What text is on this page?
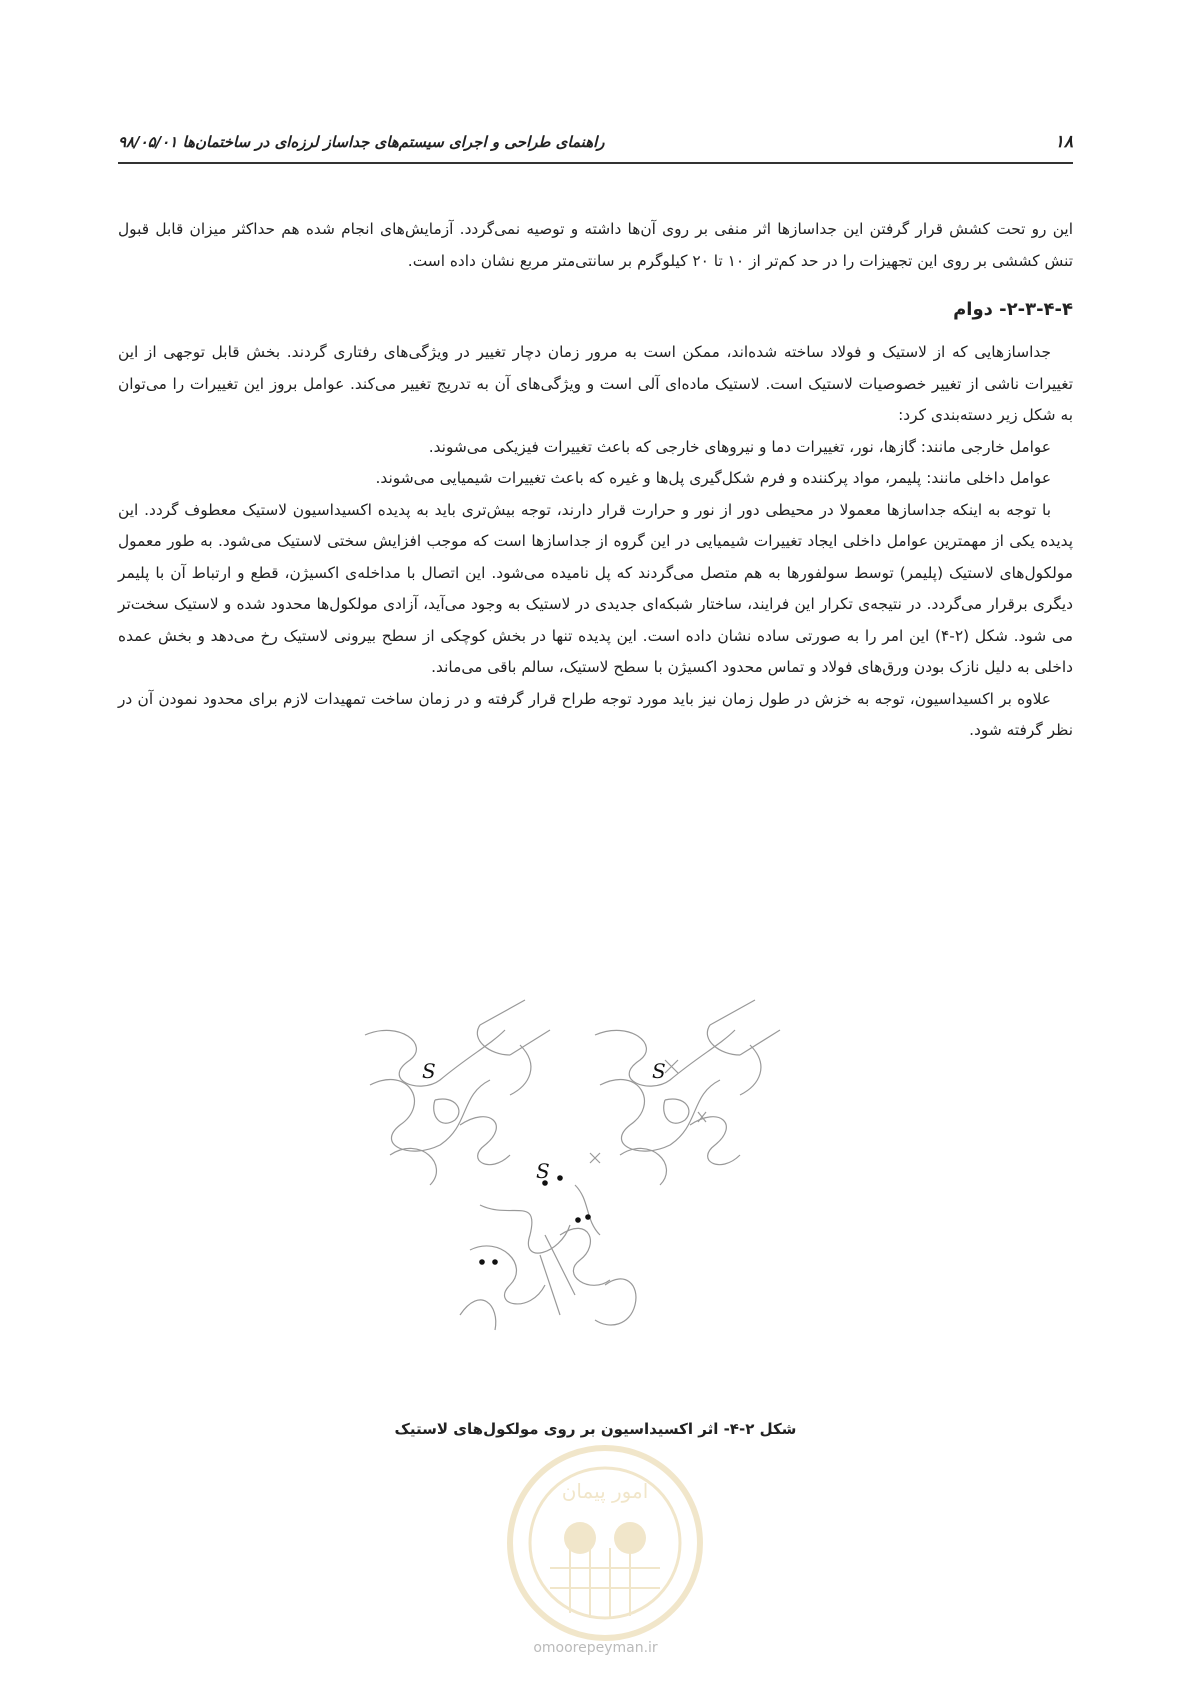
۱۸
راهنمای طراحی و اجرای سیستم‌های جداساز لرزه‌ای در ساختمان‌ها ۹۸/۰۵/۰۱

این رو تحت کشش قرار گرفتن این جداسازها اثر منفی بر روی آن‌ها داشته و توصیه نمی‌گردد. آزمایش‌های انجام شده هم حداکثر میزان قابل قبول تنش کششی بر روی این تجهیزات را در حد کم‌تر از ۱۰ تا ۲۰ کیلوگرم بر سانتی‌متر مربع نشان داده است.

۲-۳-۴-۴- دوام

جداسازهایی که از لاستیک و فولاد ساخته شده‌اند، ممکن است به مرور زمان دچار تغییر در ویژگی‌های رفتاری گردند. بخش قابل توجهی از این تغییرات ناشی از تغییر خصوصیات لاستیک است. لاستیک ماده‌ای آلی است و ویژگی‌های آن به تدریج تغییر می‌کند. عوامل بروز این تغییرات را می‌توان به شکل زیر دسته‌بندی کرد:

عوامل خارجی مانند: گازها، نور، تغییرات دما و نیروهای خارجی که باعث تغییرات فیزیکی می‌شوند.

عوامل داخلی مانند: پلیمر، مواد پرکننده و فرم شکل‌گیری پل‌ها و غیره که باعث تغییرات شیمیایی می‌شوند.

با توجه به اینکه جداسازها معمولا در محیطی دور از نور و حرارت قرار دارند، توجه بیش‌تری باید به پدیده اکسیداسیون لاستیک معطوف گردد. این پدیده یکی از مهمترین عوامل داخلی ایجاد تغییرات شیمیایی در این گروه از جداسازها است که موجب افزایش سختی لاستیک می‌شود. به طور معمول مولکول‌های لاستیک (پلیمر) توسط سولفورها به هم متصل می‌گردند که پل نامیده می‌شود. این اتصال با مداخله‌ی اکسیژن، قطع و ارتباط آن با پلیمر دیگری برقرار می‌گردد. در نتیجه‌ی تکرار این فرایند، ساختار شبکه‌ای جدیدی در لاستیک به وجود می‌آید، آزادی مولکول‌ها محدود شده و لاستیک سخت‌تر می شود. شکل (۲-۴) این امر را به صورتی ساده نشان داده است. این پدیده تنها در بخش کوچکی از سطح بیرونی لاستیک رخ می‌دهد و بخش عمده داخلی به دلیل نازک بودن ورق‌های فولاد و تماس محدود اکسیژن با سطح لاستیک، سالم باقی می‌ماند.

علاوه بر اکسیداسیون، توجه به خزش در طول زمان نیز باید مورد توجه طراح قرار گرفته و در زمان ساخت تمهیدات لازم برای محدود نمودن آن در نظر گرفته شود.

S	S
S
شکل ۲-۴- اثر اکسیداسیون بر روی مولکول‌های لاستیک
امور پیمان
omoorepeyman.ir
